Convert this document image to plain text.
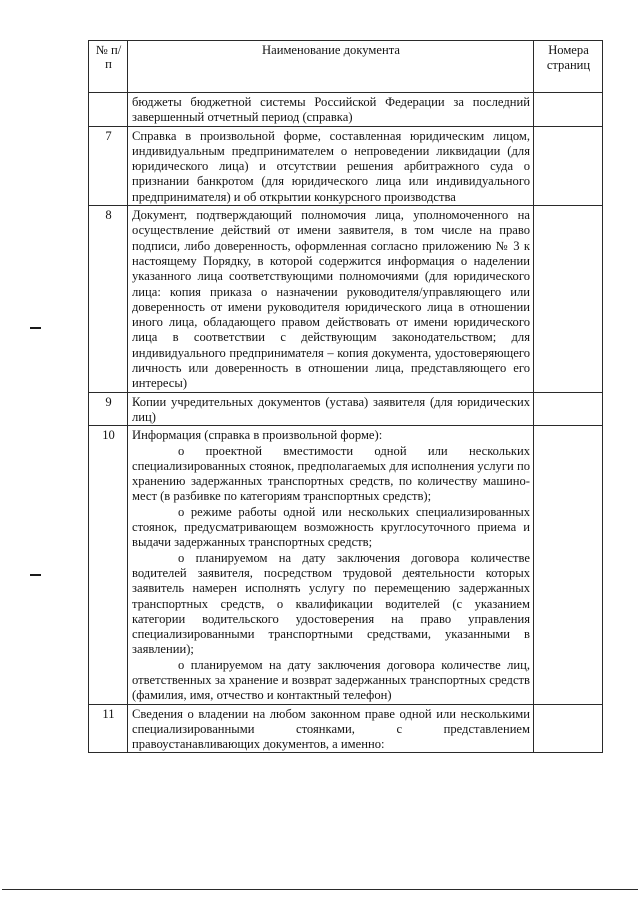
№ п/п	Наименование документа	Номера страниц

	бюджеты бюджетной системы Российской Федерации за последний завершенный отчетный период (справка)	

7	Справка в произвольной форме, составленная юридическим лицом, индивидуальным предпринимателем о непроведении ликвидации (для юридического лица) и отсутствии решения арбитражного суда о признании банкротом (для юридического лица или индивидуального предпринимателя) и об открытии конкурсного производства	

8	Документ, подтверждающий полномочия лица, уполномоченного на осуществление действий от имени заявителя, в том числе на право подписи, либо доверенность, оформленная согласно приложению № 3 к настоящему Порядку, в которой содержится информация о наделении указанного лица соответствующими полномочиями (для юридического лица: копия приказа о назначении руководителя/управляющего или доверенность от имени руководителя юридического лица в отношении иного лица, обладающего правом действовать от имени юридического лица в соответствии с действующим законодательством; для индивидуального предпринимателя – копия документа, удостоверяющего личность или доверенность в отношении лица, представляющего его интересы)	

9	Копии учредительных документов (устава) заявителя (для юридических лиц)	

10	Информация (справка в произвольной форме):

о проектной вместимости одной или нескольких специализированных стоянок, предполагаемых для исполнения услуги по хранению задержанных транспортных средств, по количеству машино-мест (в разбивке по категориям транспортных средств);

о режиме работы одной или нескольких специализированных стоянок, предусматривающем возможность круглосуточного приема и выдачи задержанных транспортных средств;

о планируемом на дату заключения договора количестве водителей заявителя, посредством трудовой деятельности которых заявитель намерен исполнять услугу по перемещению задержанных транспортных средств, о квалификации водителей (с указанием категории водительского удостоверения на право управления специализированными транспортными средствами, указанными в заявлении);

о планируемом на дату заключения договора количестве лиц, ответственных за хранение и возврат задержанных транспортных средств (фамилия, имя, отчество и контактный телефон)	

11	Сведения о владении на любом законном праве одной или несколькими специализированными стоянками, с представлением правоустанавливающих документов, а именно:	
